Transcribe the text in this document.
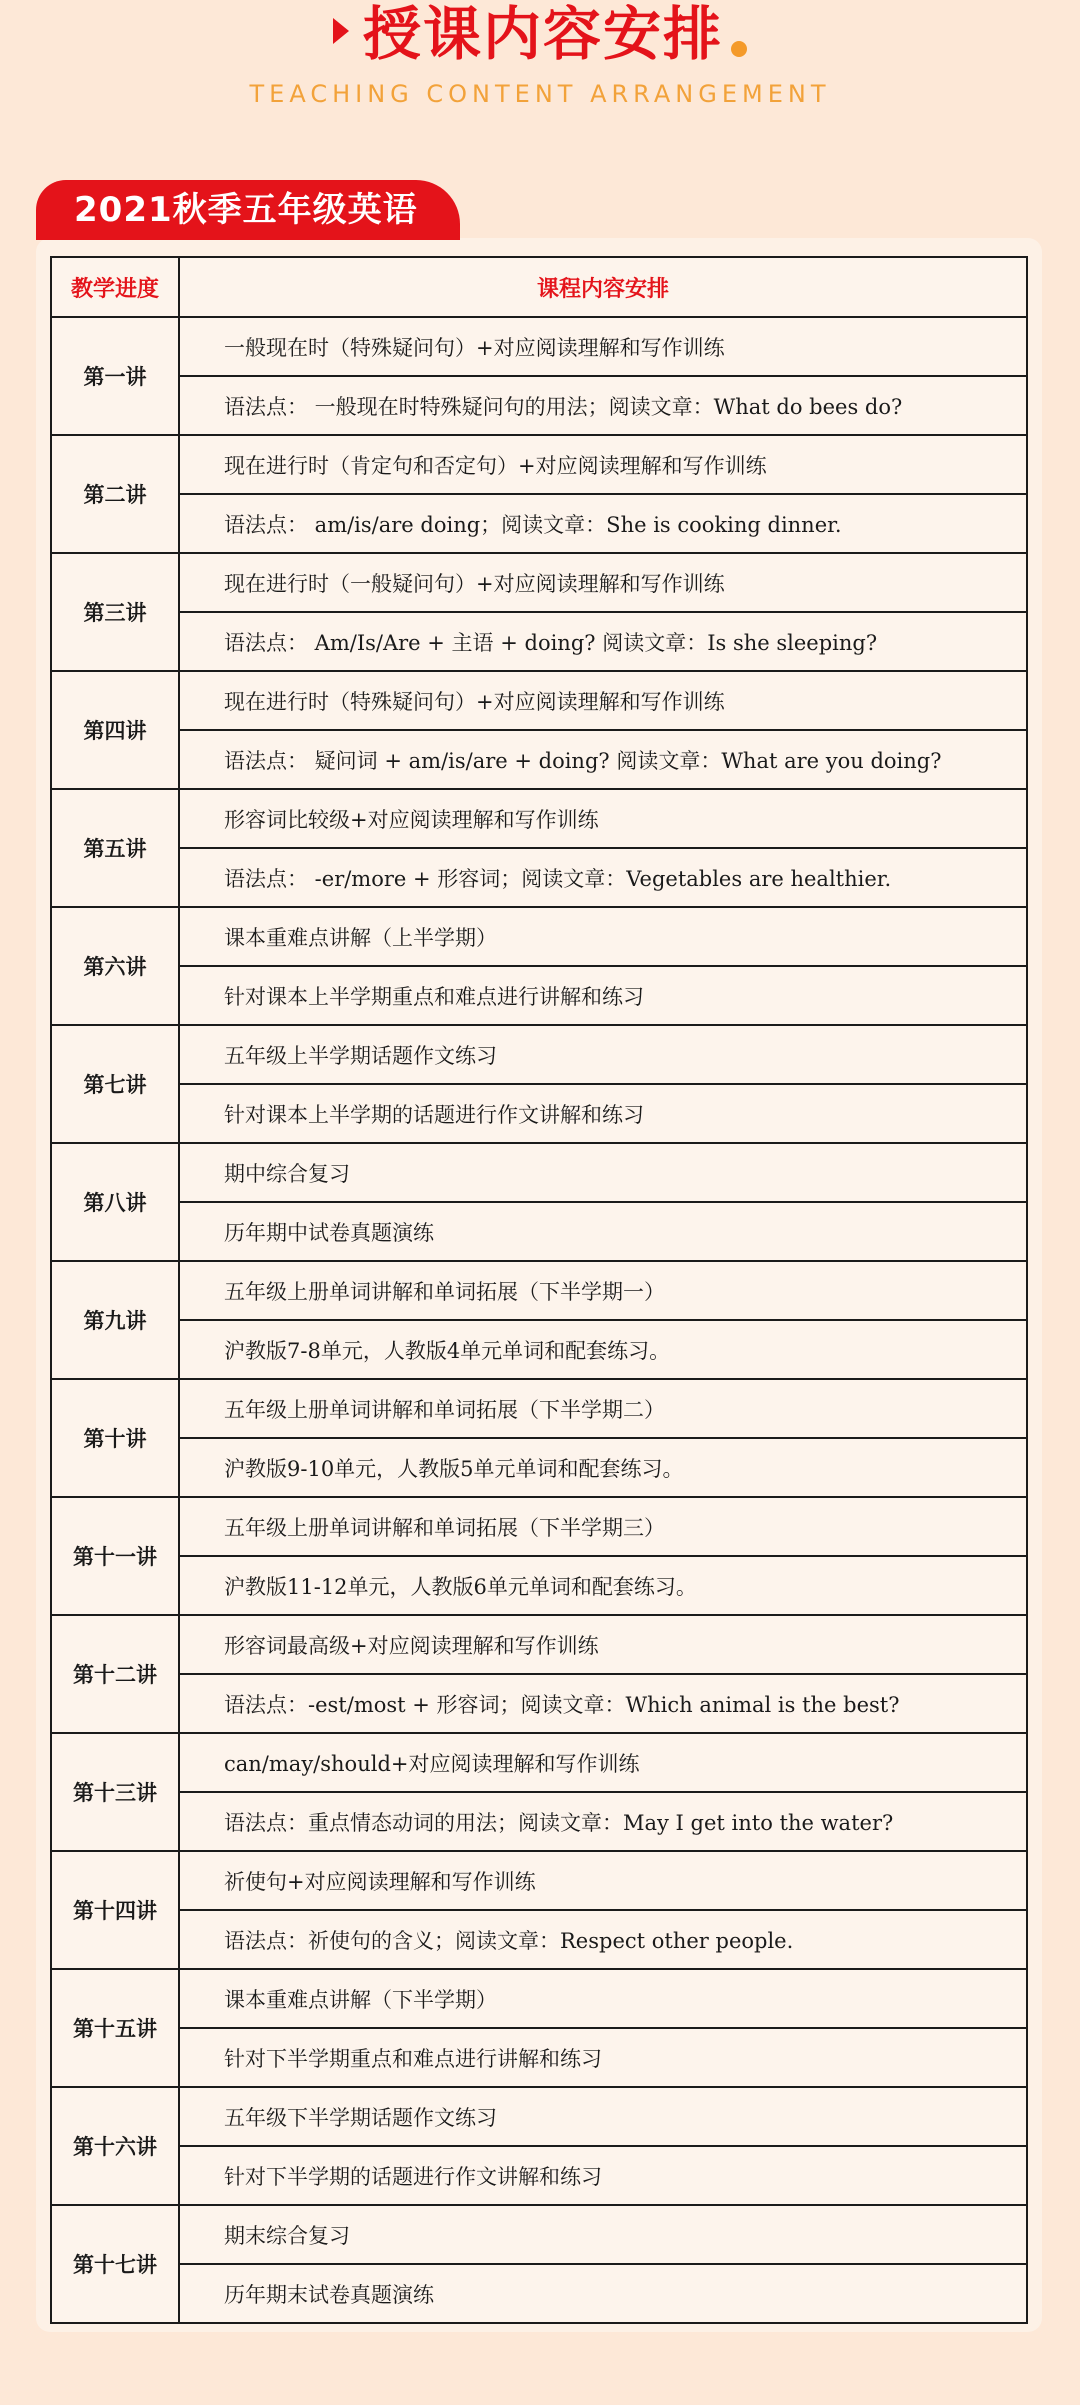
授课内容安排
TEACHING CONTENT ARRANGEMENT
2021秋季五年级英语
教学进度	课程内容安排
第一讲	一般现在时（特殊疑问句）+对应阅读理解和写作训练
	语法点： 一般现在时特殊疑问句的用法；阅读文章：What do bees do?
第二讲	现在进行时（肯定句和否定句）+对应阅读理解和写作训练
	语法点： am/is/are doing；阅读文章：She is cooking dinner.
第三讲	现在进行时（一般疑问句）+对应阅读理解和写作训练
	语法点： Am/Is/Are + 主语 + doing? 阅读文章：Is she sleeping?
第四讲	现在进行时（特殊疑问句）+对应阅读理解和写作训练
	语法点： 疑问词 + am/is/are + doing? 阅读文章：What are you doing?
第五讲	形容词比较级+对应阅读理解和写作训练
	语法点： -er/more + 形容词；阅读文章：Vegetables are healthier.
第六讲	课本重难点讲解（上半学期）
	针对课本上半学期重点和难点进行讲解和练习
第七讲	五年级上半学期话题作文练习
	针对课本上半学期的话题进行作文讲解和练习
第八讲	期中综合复习
	历年期中试卷真题演练
第九讲	五年级上册单词讲解和单词拓展（下半学期一）
	沪教版7-8单元，人教版4单元单词和配套练习。
第十讲	五年级上册单词讲解和单词拓展（下半学期二）
	沪教版9-10单元，人教版5单元单词和配套练习。
第十一讲	五年级上册单词讲解和单词拓展（下半学期三）
	沪教版11-12单元，人教版6单元单词和配套练习。
第十二讲	形容词最高级+对应阅读理解和写作训练
	语法点：-est/most + 形容词；阅读文章：Which animal is the best?
第十三讲	can/may/should+对应阅读理解和写作训练
	语法点：重点情态动词的用法；阅读文章：May I get into the water?
第十四讲	祈使句+对应阅读理解和写作训练
	语法点：祈使句的含义；阅读文章：Respect other people.
第十五讲	课本重难点讲解（下半学期）
	针对下半学期重点和难点进行讲解和练习
第十六讲	五年级下半学期话题作文练习
	针对下半学期的话题进行作文讲解和练习
第十七讲	期末综合复习
	历年期末试卷真题演练
